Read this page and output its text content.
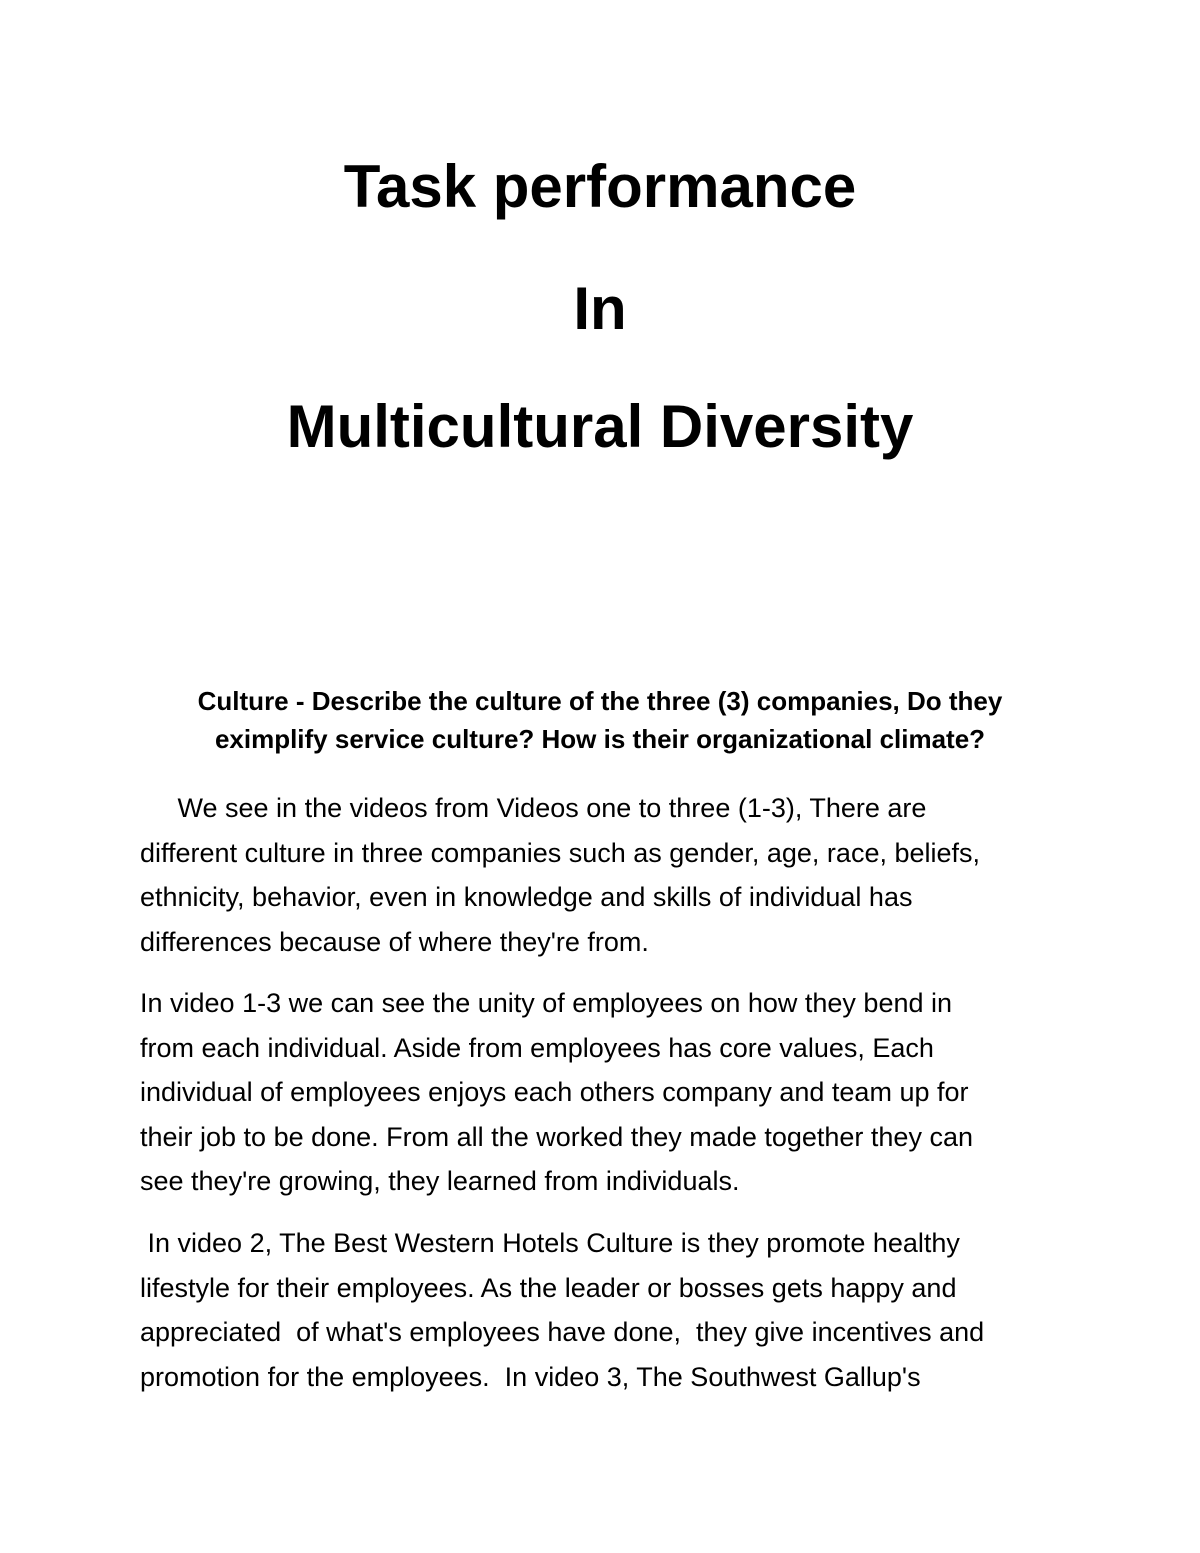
Task performance
In
Multicultural Diversity

Culture - Describe the culture of the three (3) companies, Do they
eximplify service culture? How is their organizational climate?

We see in the videos from Videos one to three (1-3), There are
different culture in three companies such as gender, age, race, beliefs,
ethnicity, behavior, even in knowledge and skills of individual has
differences because of where they're from.

In video 1-3 we can see the unity of employees on how they bend in
from each individual. Aside from employees has core values, Each
individual of employees enjoys each others company and team up for
their job to be done. From all the worked they made together they can
see they're growing, they learned from individuals.

In video 2, The Best Western Hotels Culture is they promote healthy
lifestyle for their employees. As the leader or bosses gets happy and
appreciated  of what's employees have done,  they give incentives and
promotion for the employees.  In video 3, The Southwest Gallup's
